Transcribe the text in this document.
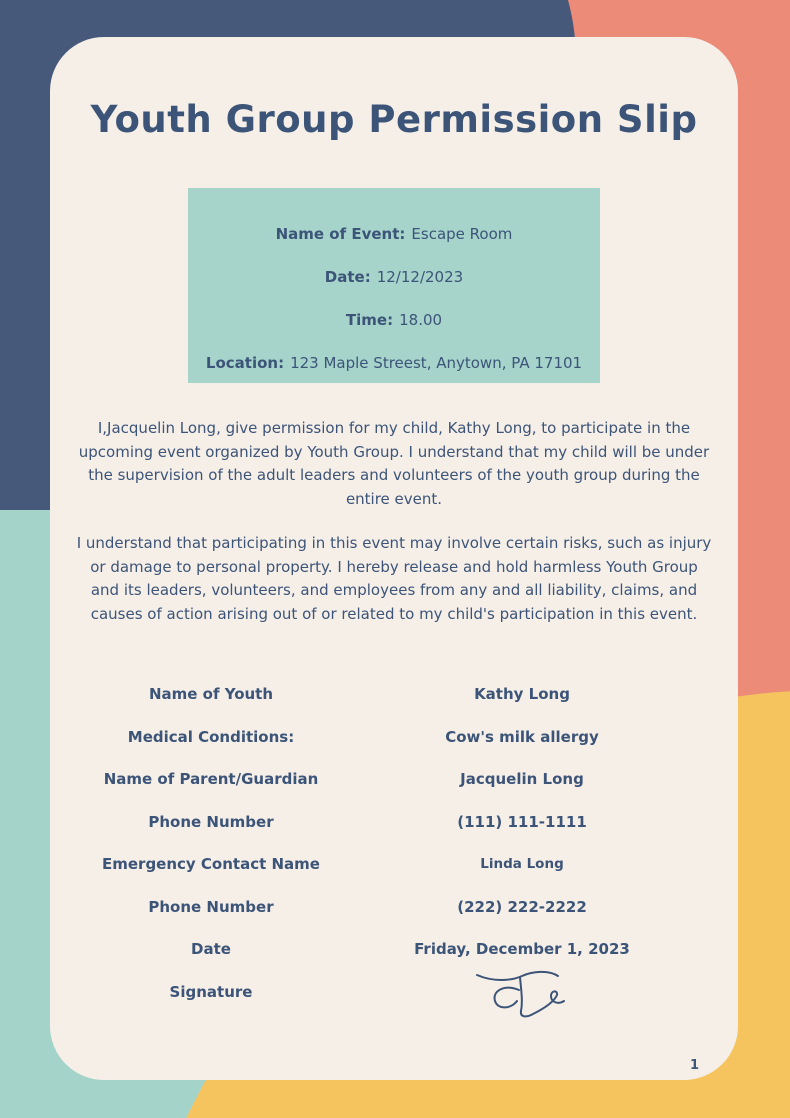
Youth Group Permission Slip
Name of Event: Escape Room
Date: 12/12/2023
Time: 18.00
Location: 123 Maple Streest, Anytown, PA 17101

I,Jacquelin Long, give permission for my child, Kathy Long, to participate in the upcoming event organized by Youth Group. I understand that my child will be under the supervision of the adult leaders and volunteers of the youth group during the entire event.

I understand that participating in this event may involve certain risks, such as injury or damage to personal property. I hereby release and hold harmless Youth Group and its leaders, volunteers, and employees from any and all liability, claims, and causes of action arising out of or related to my child's participation in this event.

Name of Youth	Kathy Long
Medical Conditions:	Cow's milk allergy
Name of Parent/Guardian	Jacquelin Long
Phone Number	(111) 111-1111
Emergency Contact Name	Linda Long
Phone Number	(222) 222-2222
Date	Friday, December 1, 2023
Signature
1
